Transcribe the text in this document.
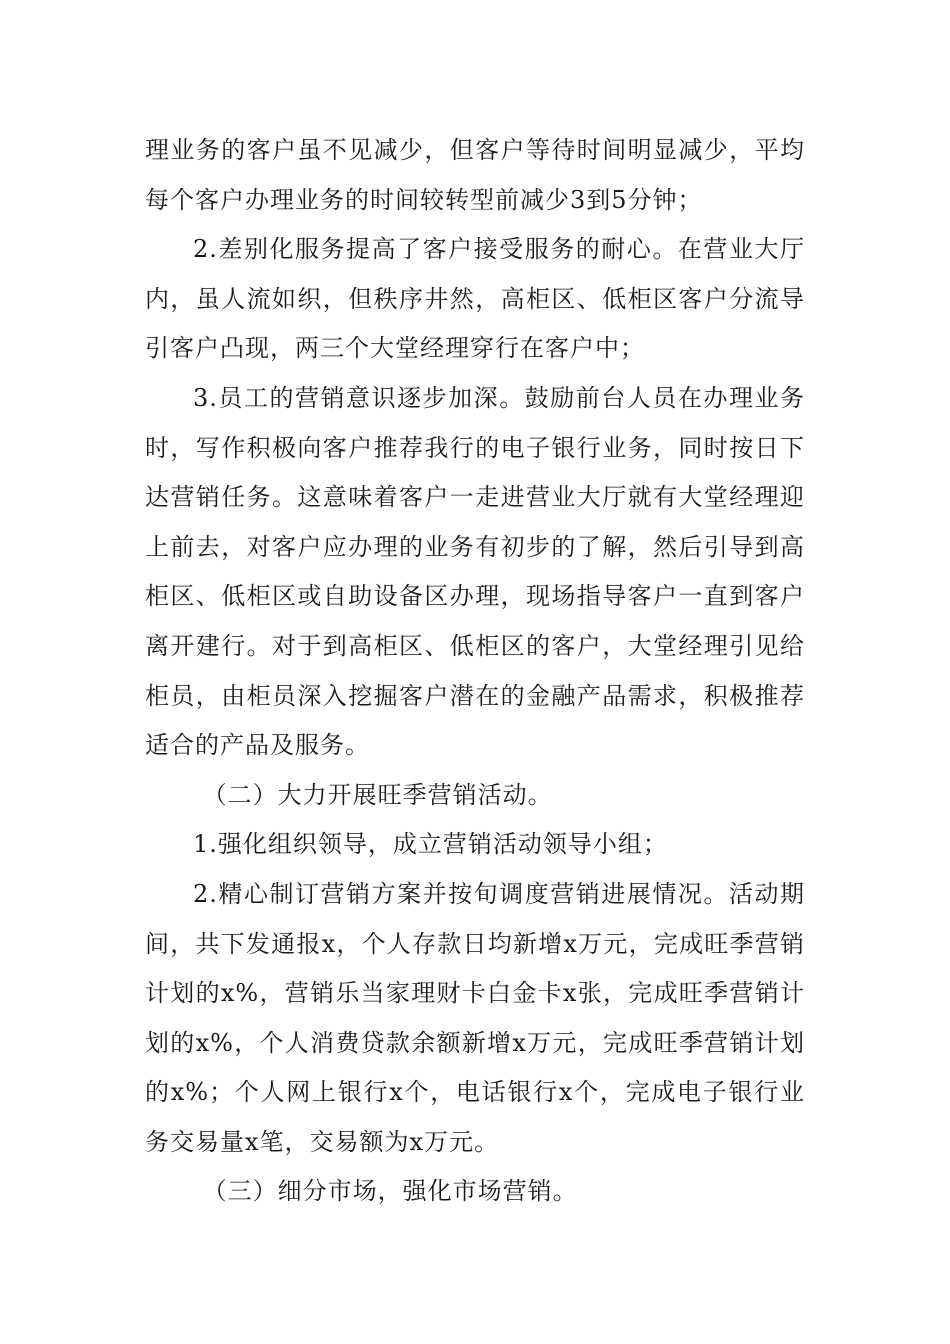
理业务的客户虽不见减少，但客户等待时间明显减少，平均每个客户办理业务的时间较转型前减少3到5分钟；

2.差别化服务提高了客户接受服务的耐心。在营业大厅内，虽人流如织，但秩序井然，高柜区、低柜区客户分流导引客户凸现，两三个大堂经理穿行在客户中；

3.员工的营销意识逐步加深。鼓励前台人员在办理业务时，写作积极向客户推荐我行的电子银行业务，同时按日下达营销任务。这意味着客户一走进营业大厅就有大堂经理迎上前去，对客户应办理的业务有初步的了解，然后引导到高柜区、低柜区或自助设备区办理，现场指导客户一直到客户离开建行。对于到高柜区、低柜区的客户，大堂经理引见给柜员，由柜员深入挖掘客户潜在的金融产品需求，积极推荐适合的产品及服务。

（二）大力开展旺季营销活动。

1.强化组织领导，成立营销活动领导小组；

2.精心制订营销方案并按旬调度营销进展情况。活动期间，共下发通报x，个人存款日均新增x万元，完成旺季营销计划的x%，营销乐当家理财卡白金卡x张，完成旺季营销计划的x%，个人消费贷款余额新增x万元，完成旺季营销计划的x%；个人网上银行x个，电话银行x个，完成电子银行业务交易量x笔，交易额为x万元。

（三）细分市场，强化市场营销。
